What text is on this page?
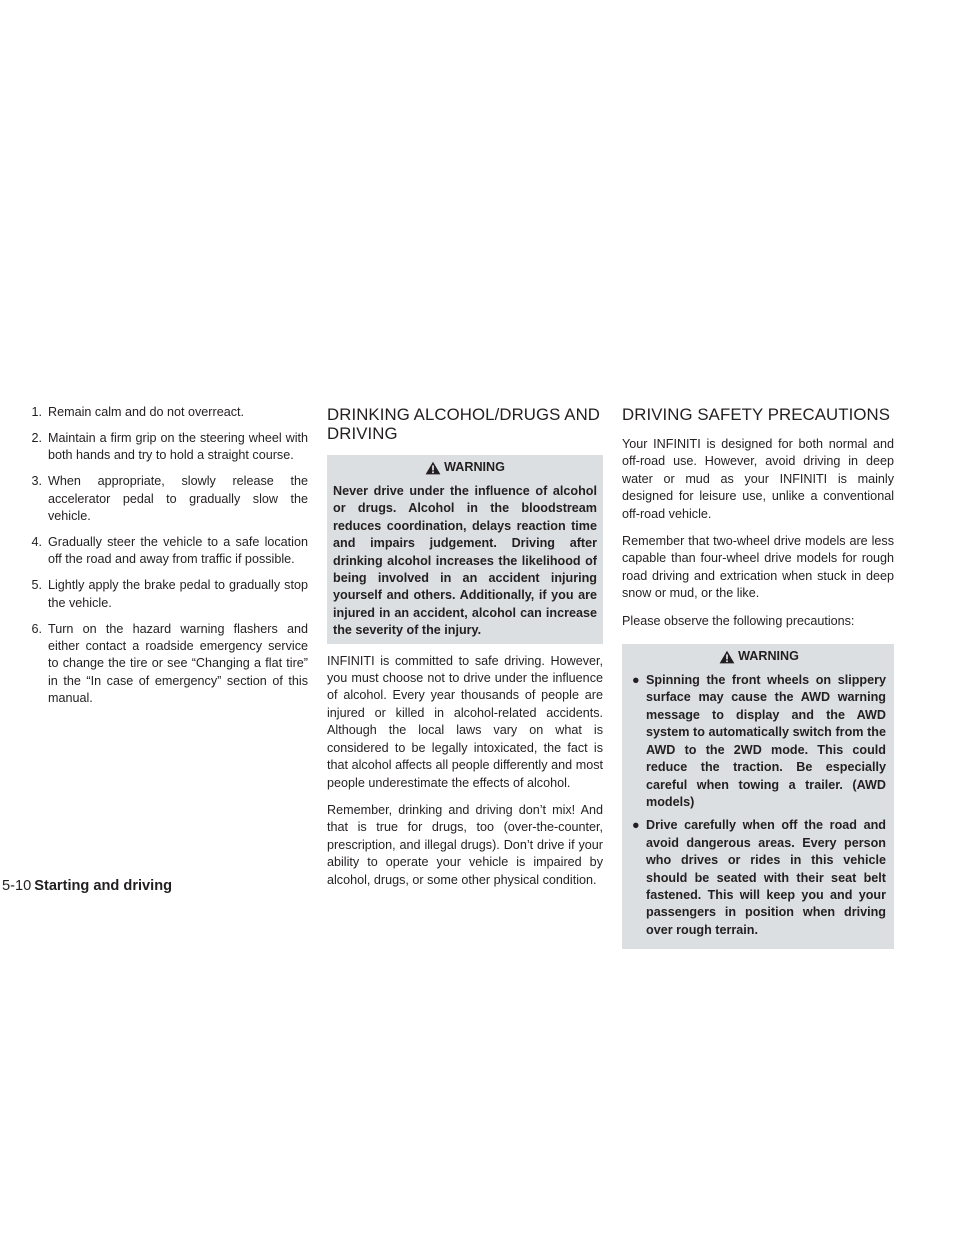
1. Remain calm and do not overreact.
2. Maintain a firm grip on the steering wheel with both hands and try to hold a straight course.
3. When appropriate, slowly release the accelerator pedal to gradually slow the vehicle.
4. Gradually steer the vehicle to a safe location off the road and away from traffic if possible.
5. Lightly apply the brake pedal to gradually stop the vehicle.
6. Turn on the hazard warning flashers and either contact a roadside emergency service to change the tire or see “Changing a flat tire” in the “In case of emergency” section of this manual.
DRINKING ALCOHOL/DRUGS AND DRIVING
WARNING
Never drive under the influence of alcohol or drugs. Alcohol in the bloodstream reduces coordination, delays reaction time and impairs judgement. Driving after drinking alcohol increases the likelihood of being involved in an accident injuring yourself and others. Additionally, if you are injured in an accident, alcohol can increase the severity of the injury.

INFINITI is committed to safe driving. However, you must choose not to drive under the influence of alcohol. Every year thousands of people are injured or killed in alcohol-related accidents. Although the local laws vary on what is considered to be legally intoxicated, the fact is that alcohol affects all people differently and most people underestimate the effects of alcohol.

Remember, drinking and driving don’t mix! And that is true for drugs, too (over-the-counter, prescription, and illegal drugs). Don’t drive if your ability to operate your vehicle is impaired by alcohol, drugs, or some other physical condition.

DRIVING SAFETY PRECAUTIONS

Your INFINITI is designed for both normal and off-road use. However, avoid driving in deep water or mud as your INFINITI is mainly designed for leisure use, unlike a conventional off-road vehicle.

Remember that two-wheel drive models are less capable than four-wheel drive models for rough road driving and extrication when stuck in deep snow or mud, or the like.

Please observe the following precautions:

WARNING
● Spinning the front wheels on slippery surface may cause the AWD warning message to display and the AWD system to automatically switch from the AWD to the 2WD mode. This could reduce the traction. Be especially careful when towing a trailer. (AWD models)
● Drive carefully when off the road and avoid dangerous areas. Every person who drives or rides in this vehicle should be seated with their seat belt fastened. This will keep you and your passengers in position when driving over rough terrain.
5-10 Starting and driving
